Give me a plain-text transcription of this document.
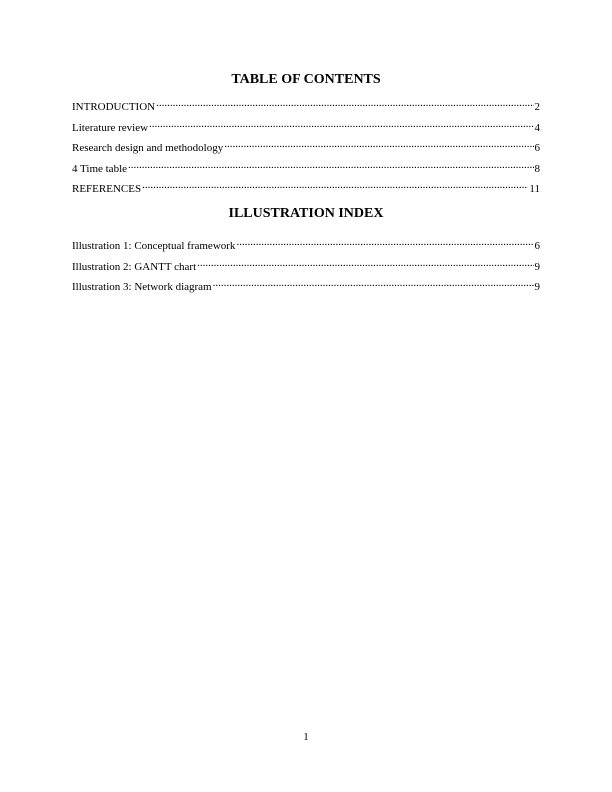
TABLE OF CONTENTS
INTRODUCTION .....	2
Literature review .....	4
Research design and methodology .....	6
4 Time table .....	8
REFERENCES .....	11
ILLUSTRATION INDEX
Illustration 1: Conceptual framework .....	6
Illustration 2: GANTT chart .....	9
Illustration 3: Network diagram .....	9
1
